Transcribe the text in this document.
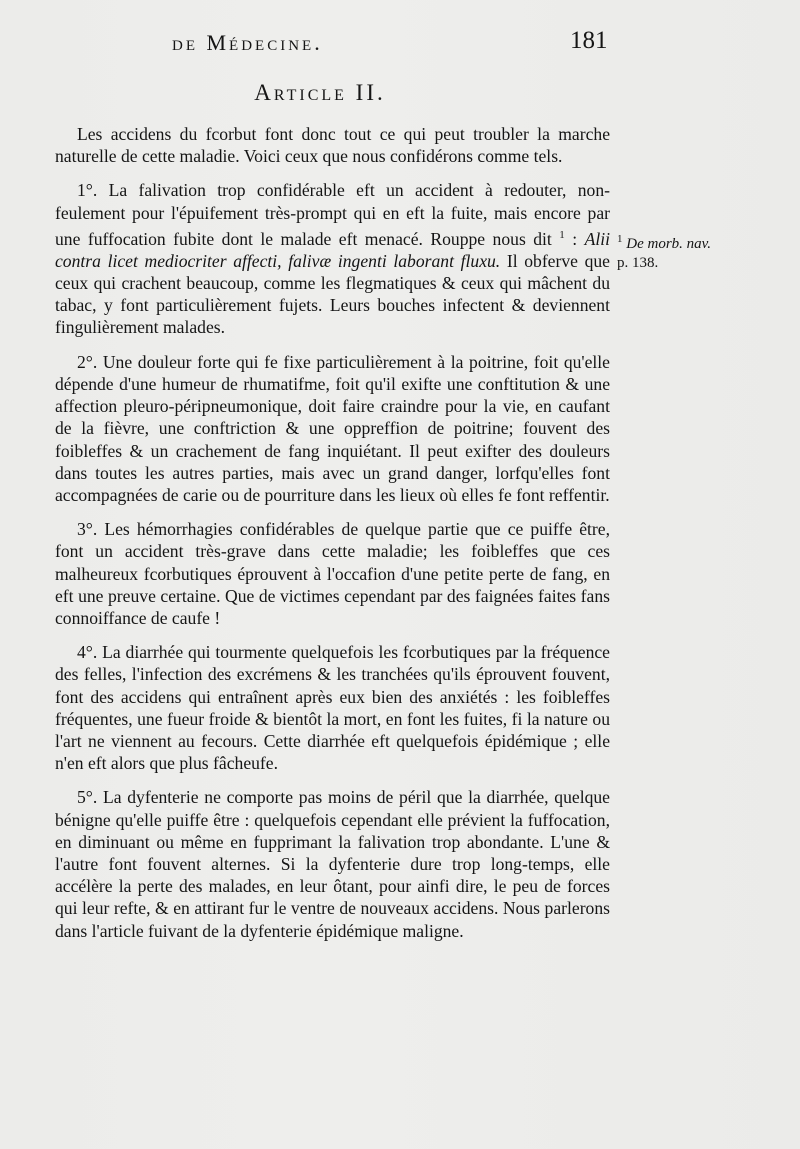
de Médecine.	181
Article II.

Les accidens du fcorbut font donc tout ce qui peut troubler la marche naturelle de cette maladie. Voici ceux que nous confidérons comme tels.

1°. La falivation trop confidérable eft un accident à redouter, non-feulement pour l'épuifement très-prompt qui en eft la fuite, mais encore par une fuffocation fubite dont le malade eft menacé. Rouppe nous dit $^1$ : Alii contra licet mediocriter affecti, falivæ ingenti laborant fluxu. Il obferve que ceux qui crachent beaucoup, comme les flegmatiques & ceux qui mâchent du tabac, y font particulièrement fujets. Leurs bouches infectent & deviennent fingulièrement malades.

2°. Une douleur forte qui fe fixe particulièrement à la poitrine, foit qu'elle dépende d'une humeur de rhumatifme, foit qu'il exifte une conftitution & une affection pleuro-péripneumonique, doit faire craindre pour la vie, en caufant de la fièvre, une conftriction & une oppreffion de poitrine; fouvent des foibleffes & un crachement de fang inquiétant. Il peut exifter des douleurs dans toutes les autres parties, mais avec un grand danger, lorfqu'elles font accompagnées de carie ou de pourriture dans les lieux où elles fe font reffentir.

3°. Les hémorrhagies confidérables de quelque partie que ce puiffe être, font un accident très-grave dans cette maladie; les foibleffes que ces malheureux fcorbutiques éprouvent à l'occafion d'une petite perte de fang, en eft une preuve certaine. Que de victimes cependant par des faignées faites fans connoiffance de caufe !

4°. La diarrhée qui tourmente quelquefois les fcorbutiques par la fréquence des felles, l'infection des excrémens & les tranchées qu'ils éprouvent fouvent, font des accidens qui entraînent après eux bien des anxiétés : les foibleffes fréquentes, une fueur froide & bientôt la mort, en font les fuites, fi la nature ou l'art ne viennent au fecours. Cette diarrhée eft quelquefois épidémique ; elle n'en eft alors que plus fâcheufe.

5°. La dyfenterie ne comporte pas moins de péril que la diarrhée, quelque bénigne qu'elle puiffe être : quelquefois cependant elle prévient la fuffocation, en diminuant ou même en fupprimant la falivation trop abondante. L'une & l'autre font fouvent alternes. Si la dyfenterie dure trop long-temps, elle accélère la perte des malades, en leur ôtant, pour ainfi dire, le peu de forces qui leur refte, & en attirant fur le ventre de nouveaux accidens. Nous parlerons dans l'article fuivant de la dyfenterie épidémique maligne.

$^1$ De morb. nav.
p. 138.
